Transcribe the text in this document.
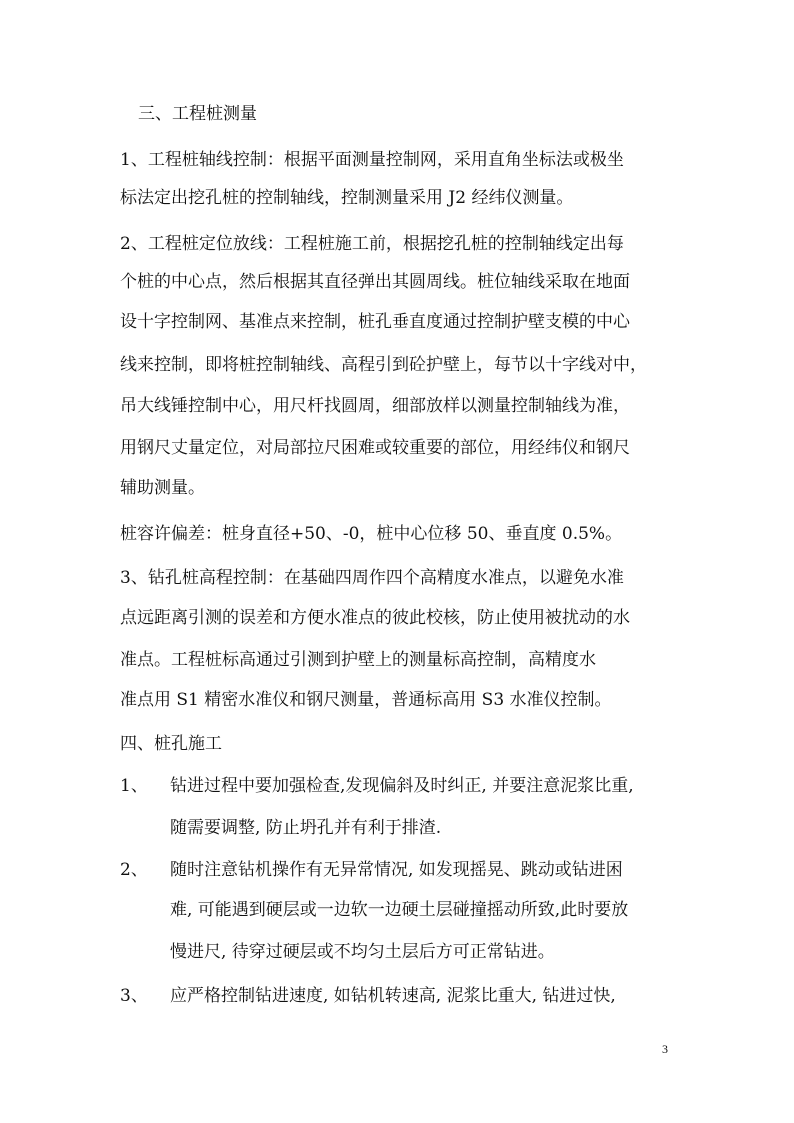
三、工程桩测量
1、工程桩轴线控制：根据平面测量控制网，采用直角坐标法或极坐
标法定出挖孔桩的控制轴线，控制测量采用 J2 经纬仪测量。
2、工程桩定位放线：工程桩施工前，根据挖孔桩的控制轴线定出每
个桩的中心点，然后根据其直径弹出其圆周线。桩位轴线采取在地面
设十字控制网、基准点来控制，桩孔垂直度通过控制护壁支模的中心
线来控制，即将桩控制轴线、高程引到砼护壁上，每节以十字线对中，
吊大线锤控制中心，用尺杆找圆周，细部放样以测量控制轴线为准，
用钢尺丈量定位，对局部拉尺困难或较重要的部位，用经纬仪和钢尺
辅助测量。
桩容许偏差：桩身直径+50、-0，桩中心位移 50、垂直度 0.5%。
3、钻孔桩高程控制：在基础四周作四个高精度水准点，以避免水准
点远距离引测的误差和方便水准点的彼此校核，防止使用被扰动的水
准点。工程桩标高通过引测到护壁上的测量标高控制，高精度水
准点用 S1 精密水准仪和钢尺测量，普通标高用 S3 水准仪控制。
四、桩孔施工
1、 钻进过程中要加强检查,发现偏斜及时纠正, 并要注意泥浆比重,
随需要调整, 防止坍孔并有利于排渣.
2、 随时注意钻机操作有无异常情况, 如发现摇晃、跳动或钻进困
难, 可能遇到硬层或一边软一边硬土层碰撞摇动所致,此时要放
慢进尺, 待穿过硬层或不均匀土层后方可正常钻进。
3、 应严格控制钻进速度, 如钻机转速高, 泥浆比重大, 钻进过快,
3
